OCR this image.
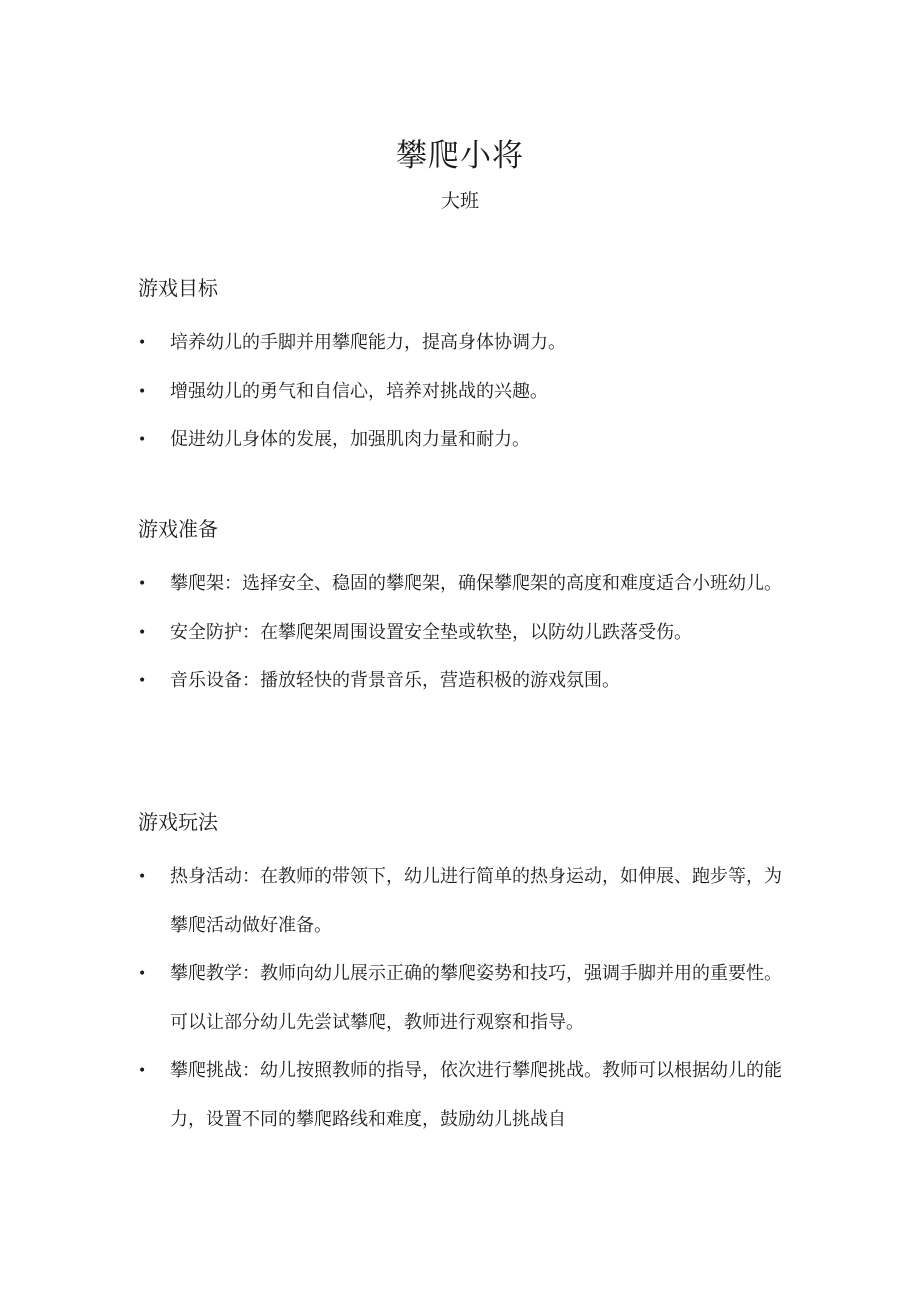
攀爬小将
大班
游戏目标
• 培养幼儿的手脚并用攀爬能力，提高身体协调力。
• 增强幼儿的勇气和自信心，培养对挑战的兴趣。
• 促进幼儿身体的发展，加强肌肉力量和耐力。
游戏准备
• 攀爬架：选择安全、稳固的攀爬架，确保攀爬架的高度和难度适合小班幼儿。
• 安全防护：在攀爬架周围设置安全垫或软垫，以防幼儿跌落受伤。
• 音乐设备：播放轻快的背景音乐，营造积极的游戏氛围。
游戏玩法
• 热身活动：在教师的带领下，幼儿进行简单的热身运动，如伸展、跑步等，为攀爬活动做好准备。
• 攀爬教学：教师向幼儿展示正确的攀爬姿势和技巧，强调手脚并用的重要性。可以让部分幼儿先尝试攀爬，教师进行观察和指导。
• 攀爬挑战：幼儿按照教师的指导，依次进行攀爬挑战。教师可以根据幼儿的能力，设置不同的攀爬路线和难度，鼓励幼儿挑战自
